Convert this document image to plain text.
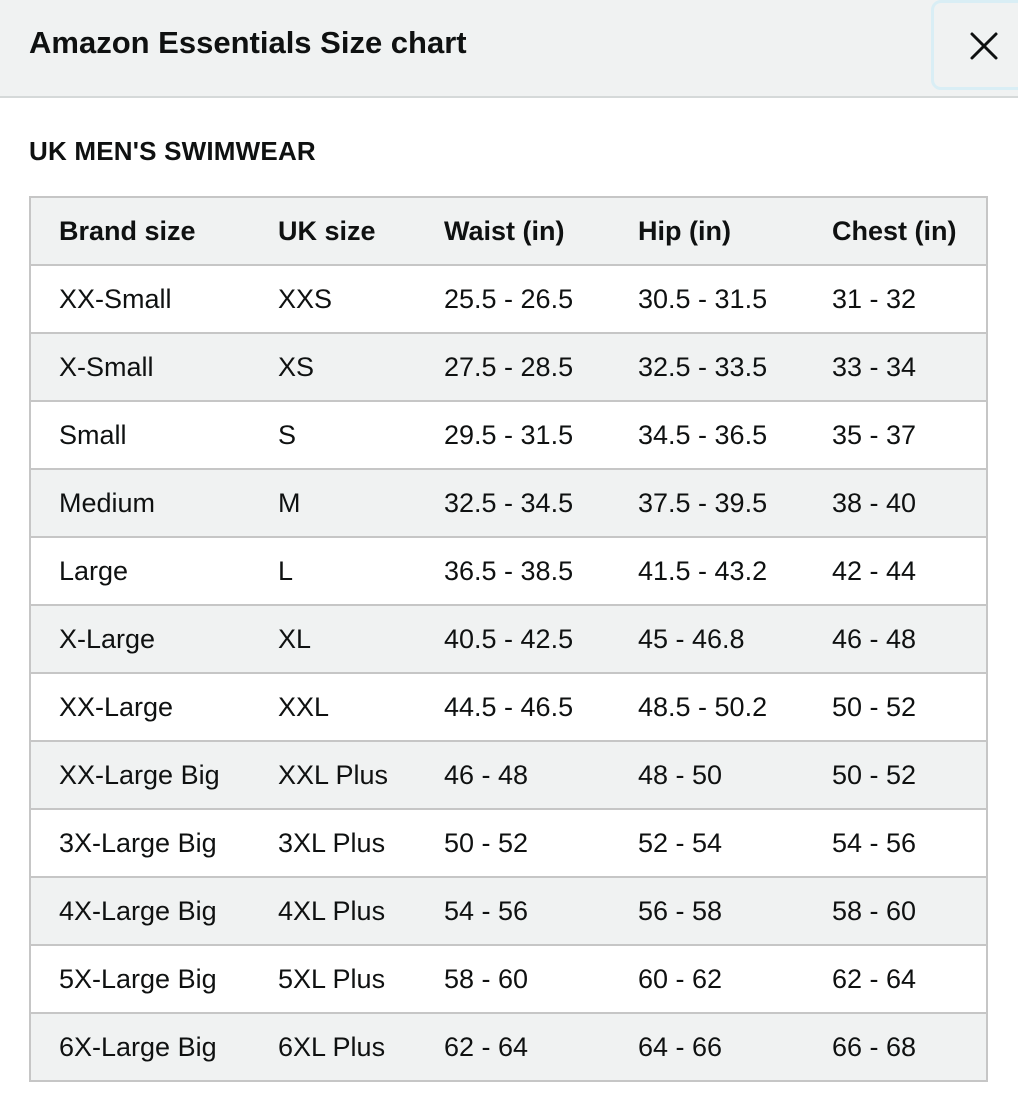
Amazon Essentials Size chart
UK MEN'S SWIMWEAR
Brand size	UK size	Waist (in)	Hip (in)	Chest (in)
XX-Small	XXS	25.5 - 26.5	30.5 - 31.5	31 - 32
X-Small	XS	27.5 - 28.5	32.5 - 33.5	33 - 34
Small	S	29.5 - 31.5	34.5 - 36.5	35 - 37
Medium	M	32.5 - 34.5	37.5 - 39.5	38 - 40
Large	L	36.5 - 38.5	41.5 - 43.2	42 - 44
X-Large	XL	40.5 - 42.5	45 - 46.8	46 - 48
XX-Large	XXL	44.5 - 46.5	48.5 - 50.2	50 - 52
XX-Large Big	XXL Plus	46 - 48	48 - 50	50 - 52
3X-Large Big	3XL Plus	50 - 52	52 - 54	54 - 56
4X-Large Big	4XL Plus	54 - 56	56 - 58	58 - 60
5X-Large Big	5XL Plus	58 - 60	60 - 62	62 - 64
6X-Large Big	6XL Plus	62 - 64	64 - 66	66 - 68
